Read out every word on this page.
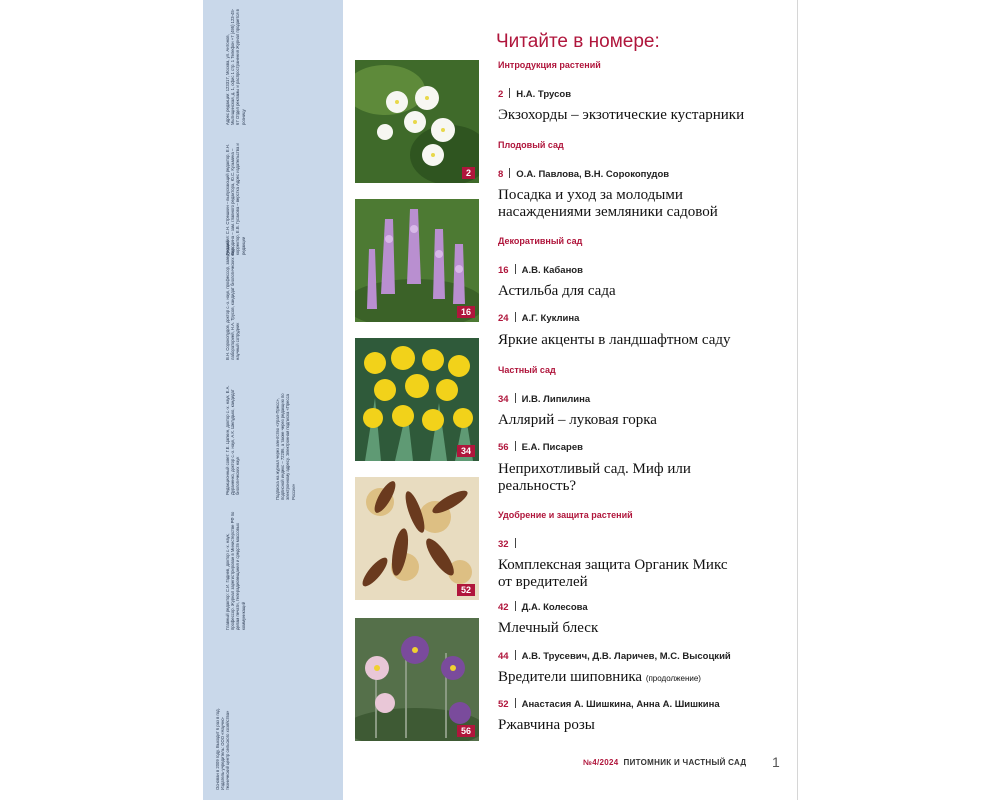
Основан в 2009 году. Выходит 6 раз в год. Издатель-учредитель: ООО «Научно-технический центр сельского хозяйства»
Главный редактор: С.И. Гадиев, доктор с.-х. наук, профессор. Журнал зарегистрирован в Министерстве РФ по делам печати, телерадиовещания и средств массовых коммуникаций
Редакционный совет: Г.Е. Цапкин, доктор с.-х. наук, Е.А. Дураненко, доктор с.-х. наук, А.К. Шелудько, кандидат биологических наук	Подписка на журнал через агентство «Урал-Пресс», подписной индекс – 72286, а также через редакцию по электронному адресу. Электронная подписка «Пресса России»
В.Н. Сорокопудов, доктор с.-х. наук, профессор, заведующий лабораторией, Н.А. Трусов, кандидат биологических наук, научный сотрудник
Редакция: С.Н. Стрешкин – выпускающий редактор, Е.Н. Бородина – зам. главного редактора, Ю.С. Кузьмина – корректор, Е.В. Гусакова – верстка Адрес издательства и редакции
Адрес редакции: 123317, Москва, ул. Антонов, Мытищинская, д. 1, офис 1 стр. 1 Телефон +7 (495) 123-45-67 Отдел рекламы и распространения Журнал продается в розницу
2
16
34
52
56
Читайте в номере:
Интродукция растений
2 Н.А. Трусов
Экзохорды – экзотические кустарники
Плодовый сад
8 О.А. Павлова, В.Н. Сорокопудов
Посадка и уход за молодыми
насаждениями земляники садовой
Декоративный сад
16 А.В. Кабанов
Астильба для сада
24 А.Г. Куклина
Яркие акценты в ландшафтном саду
Частный сад
34 И.В. Липилина
Аллярий – луковая горка
56 Е.А. Писарев
Неприхотливый сад. Миф или
реальность?
Удобрение и защита растений
32
Комплексная защита Органик Микс
от вредителей
42 Д.А. Колесова
Млечный блеск
44 А.В. Трусевич, Д.В. Ларичев, М.С. Высоцкий
Вредители шиповника (продолжение)
52 Анастасия А. Шишкина, Анна А. Шишкина
Ржавчина розы
№4/2024 ПИТОМНИК И ЧАСТНЫЙ САД 1
